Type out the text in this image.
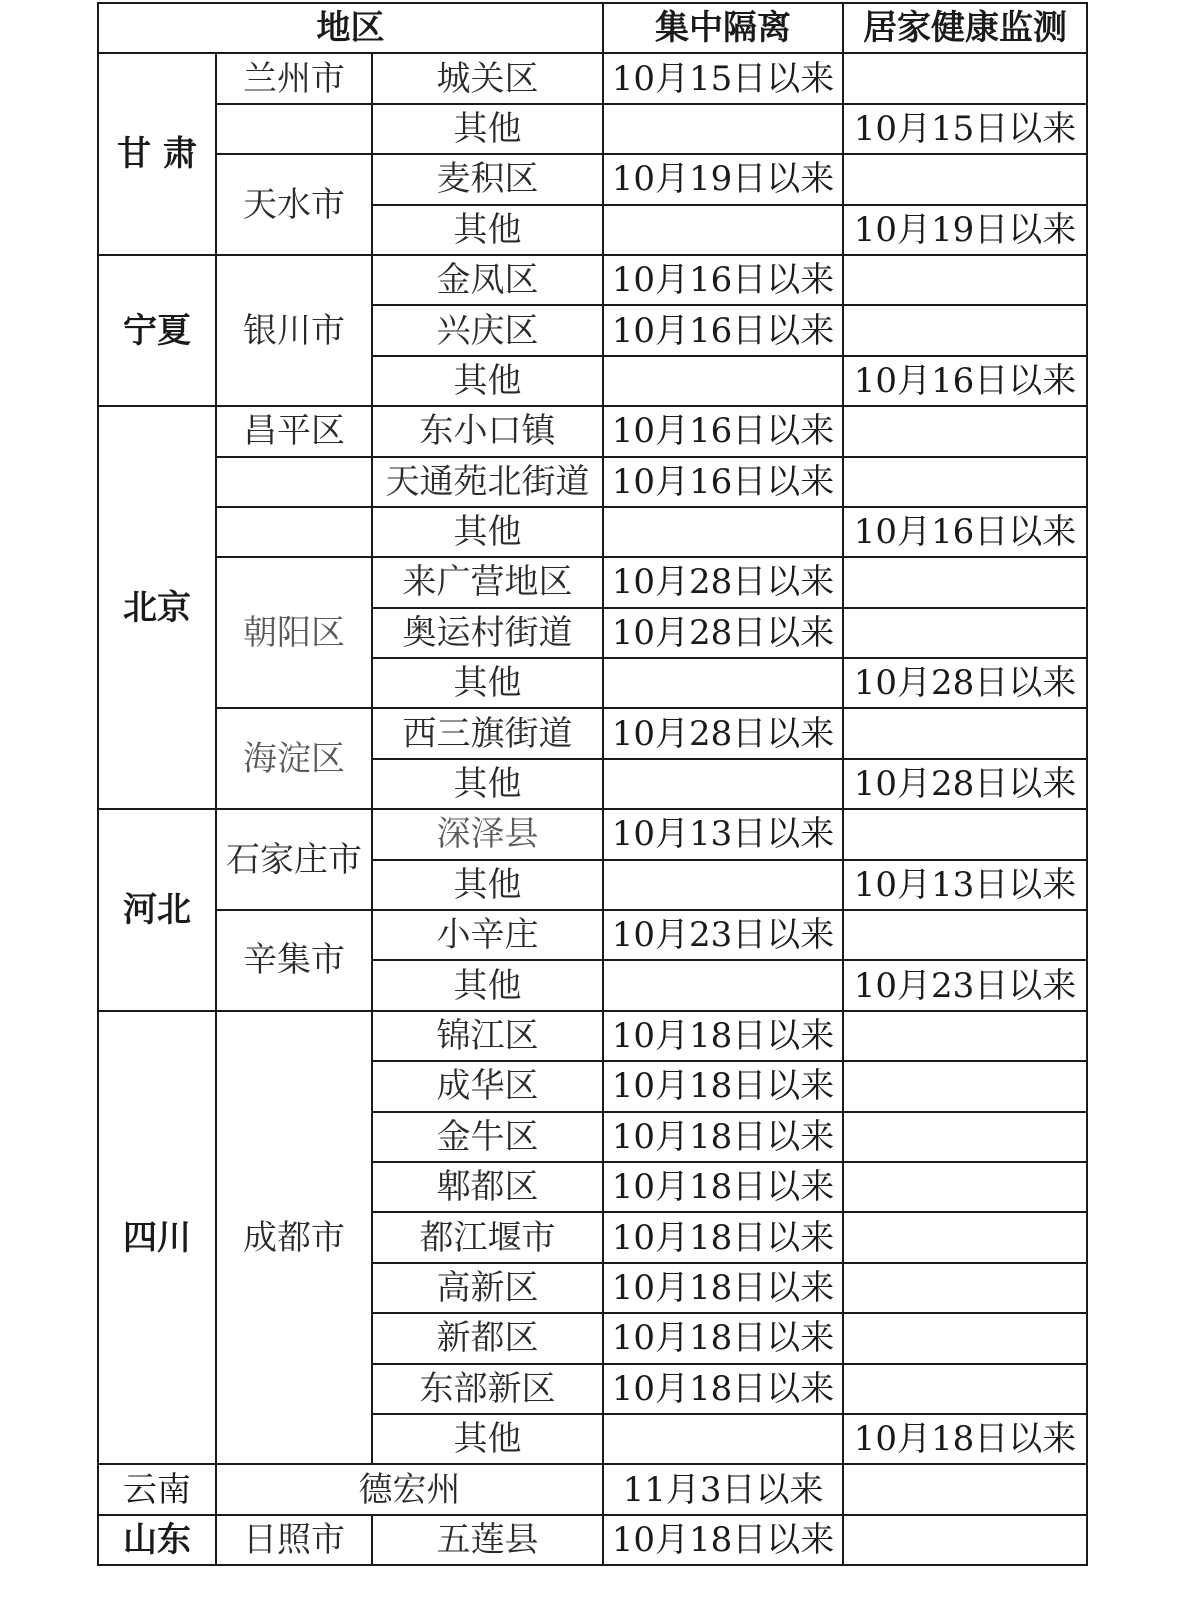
地区			集中隔离	居家健康监测
甘 肃	兰州市	城关区	10月15日以来	
		其他		10月15日以来
	天水市	麦积区	10月19日以来	
		其他		10月19日以来
宁夏	银川市	金凤区	10月16日以来	
		兴庆区	10月16日以来	
		其他		10月16日以来
北京	昌平区	东小口镇	10月16日以来	
		天通苑北街道	10月16日以来	
		其他		10月16日以来
	朝阳区	来广营地区	10月28日以来	
		奥运村街道	10月28日以来	
		其他		10月28日以来
	海淀区	西三旗街道	10月28日以来	
		其他		10月28日以来
河北	石家庄市	深泽县	10月13日以来	
		其他		10月13日以来
	辛集市	小辛庄	10月23日以来	
		其他		10月23日以来
四川	成都市	锦江区	10月18日以来	
		成华区	10月18日以来	
		金牛区	10月18日以来	
		郫都区	10月18日以来	
		都江堰市	10月18日以来	
		高新区	10月18日以来	
		新都区	10月18日以来	
		东部新区	10月18日以来	
		其他		10月18日以来
云南	德宏州		11月3日以来	
山东	日照市	五莲县	10月18日以来	
